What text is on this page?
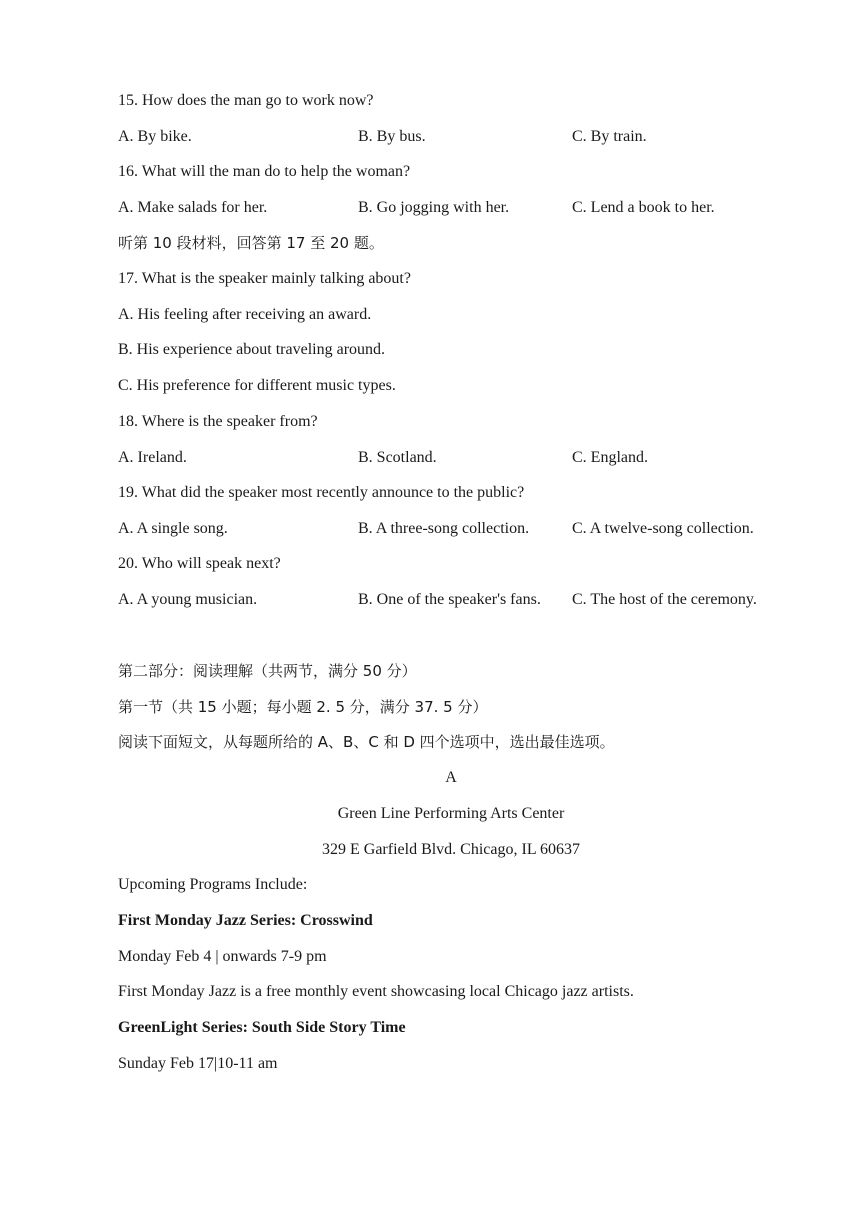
15. How does the man go to work now?
A. By bike.	B. By bus.	C. By train.
16. What will the man do to help the woman?
A. Make salads for her.	B. Go jogging with her.	C. Lend a book to her.
听第 10 段材料，回答第 17 至 20 题。
17. What is the speaker mainly talking about?
A. His feeling after receiving an award.
B. His experience about traveling around.
C. His preference for different music types.
18. Where is the speaker from?
A. Ireland.	B. Scotland.	C. England.
19. What did the speaker most recently announce to the public?
A. A single song.	B. A three-song collection.	C. A twelve-song collection.
20. Who will speak next?
A. A young musician.	B. One of the speaker's fans. C. The host of the ceremony.
第二部分：阅读理解（共两节，满分 50 分）
第一节（共 15 小题；每小题 2. 5 分，满分 37. 5 分）
阅读下面短文，从每题所给的 A、B、C 和 D 四个选项中，选出最佳选项。
A
Green Line Performing Arts Center
329 E Garfield Blvd. Chicago, IL 60637
Upcoming Programs Include:
First Monday Jazz Series: Crosswind
Monday Feb 4 | onwards 7-9 pm
First Monday Jazz is a free monthly event showcasing local Chicago jazz artists.
GreenLight Series: South Side Story Time
Sunday Feb 17|10-11 am
